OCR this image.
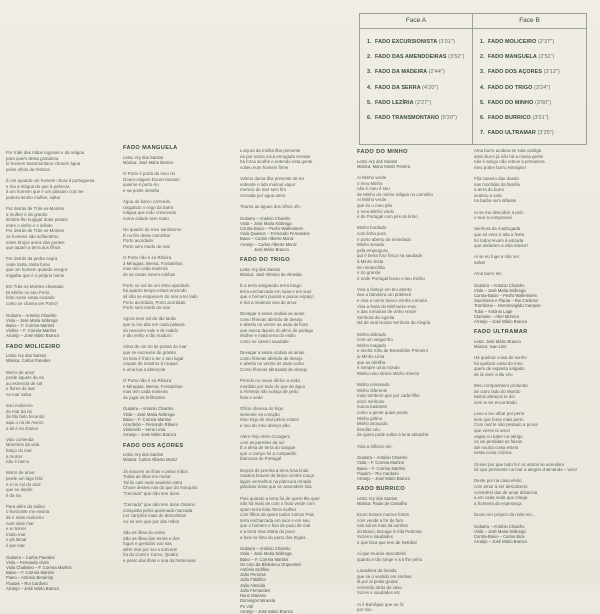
Face A	Face B
1. FADO EXCURSIONISTA (3'01")
2. FADO DAS AMENDOEIRAS (3'52")
3. FADO DA MADEIRA (2'44")
4. FADO DA SERRA (4'20")
5. FADO LEZÍRIA (2'27")
6. FADO TRANSMONTANO (5'20")
1. FADO MOLICEIRO (2'37")
2. FADO MANGUELA (2'52")
3. FADO DOS AÇORES (3'12")
4. FADO DO TRIGO (3'24")
5. FADO DO MINHO (3'00")
6. FADO BURRICO (3'01")
7. FADO ULTRAMAR (3'25")

Por mãe das mãos rugosas e da mágoa
para quem desta grandeza
lo homem transmontano chorem água
pelos olhos da tristeza

É um quando um homem chora à portuguesa
e tira a mágoa do que à pobreza
à um homem que é um pássaro com ter
podera lembo mulher, saltar

Por detrás de Trás-os-Montes
a mulher é da granito
lembra-lhe bugigar duas pontes
entre o vinho e o infinito
Por detrás de Trás-os-Montes
os homens são aclhendrns
estes brojos aroes das pontes
que tapam a terra dos filhos

Por detrás da pedra negra
onde tanta, tanta fome
que um homem quando enegra
migalha que é o próprio nome

Em Trás-os-Montes chamado
Di Minho no seu Porto
feito nome estas exclado
como se chama em Paris?

Guitarra – Antonio Chainho
Viola – José Maria Nóbrega
Baixo – F. Correia Martins
Violino – F. Correia Martins
Arranjo – José Mário Branco

FADO MOLICEIRO

Letra: Ary dos Santos
Música: Carlos Paredes

Morro de amor
perde àquele da ria
ao esmerda de sal
e flores do luar
no mar salsa

Sou moliceiro
do mar da ria
de tão belo fecundo
aqui o ria de Aveiro
a lal é ria d'amor

Vaio comenda
lamentos da vida
braço do mar
a morrer
não é barco

Morro de amor
perde um lago feliz
e é no sol do azul
que se depõe
é da ria

Para além da salina
o horizonte me ensina
de ir mais moliceiro
num vinte mar
e a morrer
muito mar
e pà lamar
é par mar

Guitarra – Carlos Paredes
Viola – Fernando Alvim
Viola Chalisteo – F. Correia Martins
Baixo – F. Correia Martins
Piano – Antonio Berainhp
Flautas – Rui Cardoso
Arranjo – José Mário Branco

FADO MANGUELA

Letra: Ary dos Santos
Música: José Mário Branco

O Porto é porta do meu rio
Douro-viagem Douro-rasainn
quieme é porto-rio
e na ponte desafio

Água do barco correndo
rasgando o cego da barra
mágoa que todo crescendo
noma cidade sem mato

No quadro do meu santissimo
É no fim deste caminhar
Porto acordado
Porto sem medo de mar

O Porto não é só Ribeira
à Miragaia, Beesa, Fontainhas
mas tem cada maneira
de as casas serem minhas

Porto no sol de um ritmo aportado
há quanto tempo estais encendo
ali não se esquecem do mar a ter lado
Porto acordado, Porto acordado
Porto sem medo do mar

Agora sem sol de tão tarda
que tu me dás em cada palavra
do nevoeiro vale e de maldo
e tão velho e tão maduro

Alma de um rio às portas do mar
que se escreveu de granito
no leito é fruto a ter o seu lugar
roupas de mastros à roupas
e uma lua a abençoar

O Porto não é só Ribeira
e Miragaia, Beesa, Fontainhas
mas tem cada maneira
de jogar às brilhantes

Guitarra – Antonio Chainho
Viola – José Maria Nóbrega
Baixo – F. Correia Martins
Acordeão – Fernando Ribeiro
Violocello – Irene Lima
Arranjo – José Mário Branco

FADO DOS AÇORES

Letra: Ary dos Santos
Música: Carlos Alberto Moniz

Já nascem as ilhas e pelas mãos
Todas as ilhas em morar
Tal lio cais mais saudoss ostra
Chove destes nas do que do morquito
"Cercado" que não tem dono

"Cercado" que não tem dono Outono
conquista pelos queimada marcada
Ler canções mais de descobrias
Ao se tem que por das mãos

São as ilhas do vento
São as ilhas das terras e dos
fogos e gemidos voo nas
além mar por ser a tomorrei
ha do Coral e Corvo, Quatro
e ponto das ilhas e sua da hortensias

Lonjura da minha ilha presente
na por ouma voca enrugada revaste
ha forca acolhe e entendo esta gente
volteu num homem firme

Volteio duma ilha presente de ter
entende o luta muitoul vapor
menino do mar sem fim
cercada por agua amor

Tiramo as águas dos olhos ofo

Guitarra – António Chainho
Viola – José Maria Nóbrega
Contra-Baixo – Pedro Wallenstein
Viola Quaison – Fernando Fernandes
Baixo – Carlos Alberto Moniz
Arranjo – Carlos Alberto Moniz
José Mário Branco

FADO DO TRIGO

Letra: Ary dos Santos
Música: José Vitorino de Almeida

É a terra sangrando terra brago
terra encharcada em suas e em suor
que o homem puxará e puxou espaço
é tira a madeira viva de amor

Devagar a seara ondula as ainas
como fêmeas abrindo de desejo
e abertu no ventre as asas de fruto
que nasca depois do almo do parlago
Mulher e mala terra do estilo
como se casem saudade

Devagar a seara ondula as ainas
como fêmeas abrindo de desejo
e abertu no ventre as asas cento
Como fêmeas abrasada de desejo

Prendo no meus dêdos a seda
mordido por todo do que de água
a Alentejo não soluça de peito
feito e sede

Ofício ofereca do trigo
semente na coração
meu trigo de mar pelos cristos
e seu do meu abraço pão

Além-Tejo Além-Coragem
com as paredes da Iuz
É a alma de terra do sangue
que o campo foi a compasão
brancura de Portugal

Depois de prenha a terra fosa linda
cavalos bravos de bravo centes ruaça
lagos vermelhos na plancura rirnada
placidas vinas que se ascendem lola

Pois quando a terra fui de quem the quer
não há mais de com o fruto verde com
spam terra feita Terra mulher
com filhos da quem todos somos Pais
terra encharcada em suor e em seu
que o homem e feia de puxo de mai
e a terra mas Maria do povo
a fora no fimo do parto dos trigais

Guitarra – António Chainho
Viola – José Maria Nóbrega
Baixo – F. Correia Martins
Os coro da Biblioteca Orquestral
António Dellfino
João Pereiras
João Fidalfico
João Almeida
João Fernandes
Nuno Mariano
Domingos Miranda
Po Vitil
Arranjo – José Mário Branco

FADO DO MINHO

Letra: Ary dos Santos
Música: Mário Moniz Pereira

Ai Minho verde
o meu Minho
não é meu é seu
de Minho do minho mãgoa no caminho
Ai Minho verde
que és o meu pão
e meu Minho vindo
é de Portugal com pés de linho

Minho bordado
com linha pura
e porto aberto de ensedado
Minho sevado
pela empurgura
qut é beira furo fosco na saudade
à Minho festa
de romanchão
e do grande
é onde Portugal levou o seu minho

Viva a festejo em teu aberto
deu a bandeira um pratiterá
e viva o nome beeco minha romaria
Viva a festa do Minhoeiro-meu
e das romarias de vinho verde
Senhora da Agonia
Ná de viral Nossa Senhora da Alegria

Minho dobrado
com um veiguinho
Minho magado
e minha mão de Beneeblim Primeiro
ai Minho Lima
que as almilha
e sempre uma mondo
Minho umo desce Minho interior

Minho enxanado
Minho diferente
mais tambem que por cada filho
anzó minhoso
nunca bastante
como a gente quasi poeta
Minho gritino
Minho arracada
bendito céu
de quem pode soltar a luna almanha

Viva a trilhezo etc.

Guitarra – António Chainho
Viola – F. Correia Martins
Baixo – F. Correia Martins
Flautim – Rui Cardoso
Arranjo – José Mário Branco

FADO BURRICO

Letra: Ary dos Santos
Música: Paulo de Carvalho

Erum homes murres fortes
com vende a for de faro
nas sal as mas da sonhas
do Bravo, Bocage à Vila Pedrosa
Vozes e saudades
e que bica que tem de Setúbal

Ai que mundo descobrirá
quanto e tão longe e a ti lhe pério

Lavadeira da levada
que se o vestido em sonhas
lá por ai pelas grutas
correndo atrás do vaso
Vozes e saudades etc.

Ai é Barrêgas que ao fiz
por riso

Ama burro acabou-se esta cantiga
amei burro já não há a nossa gente
não é amigo não reteve a primavera
meu pobre burro estragnei

Fõa caseiro dao dando
nas mochilas da família
a terra do burro
acabou a seta
na barba sem alfaiate

Ai se me descobrir a pelo
o mar a comprarsaí

Senhora da madrugada
que só vens é alta a festa
hó todos levam à estrada
que andaram a vida inteira?

Ai se eu fuge a não ser
salvo!

Ama burro etc.

Guitarra – Antonio Chainho
Viola – José Maria Nóbrega
Contra-Baixo – Pedro Wallenstein
Saxofones e Flauta – Rui Cardoso
Trombone – Hermenegildo Campos
Tuba – António Lage
Clarinete – Abel Moreira
Arranjo – José Mário Branco

FADO ULTRAMAR

Letra: José Mário Branco
Música: Ivan Lins

Há quebrar coisa de sonho
há quebrar coisa do meu
quem de espanta salgado
de lá viver a lilu véu

Meu companheiro profundo
de outro lado do Mundo
tantos abraços te dei
sem te ter encontrado

Levo o teu olhar por perto
sem que foras mais perto
Com mal te não pestado a prova
que vezes te amor
vagas no bater no abrigo
os vai perdidas as faixas
até noutra coisa esteia
nesta coisa crónica

Ocean por que tudo fez os astros se acendem
de que pressente na mar a alegria chamando – vem!

Deste por na casa efeito
com amor a ser descoberto
consebrel das de amar distancia
a em cada onda que chega
a fronteira da esperança

Duom ser próprio da noite etc...

Guitarra – António Chainho
Viola – José Maria Nóbrega
Contra-Baixo – Carlos Bica
Arranjo – José Mário Branco
